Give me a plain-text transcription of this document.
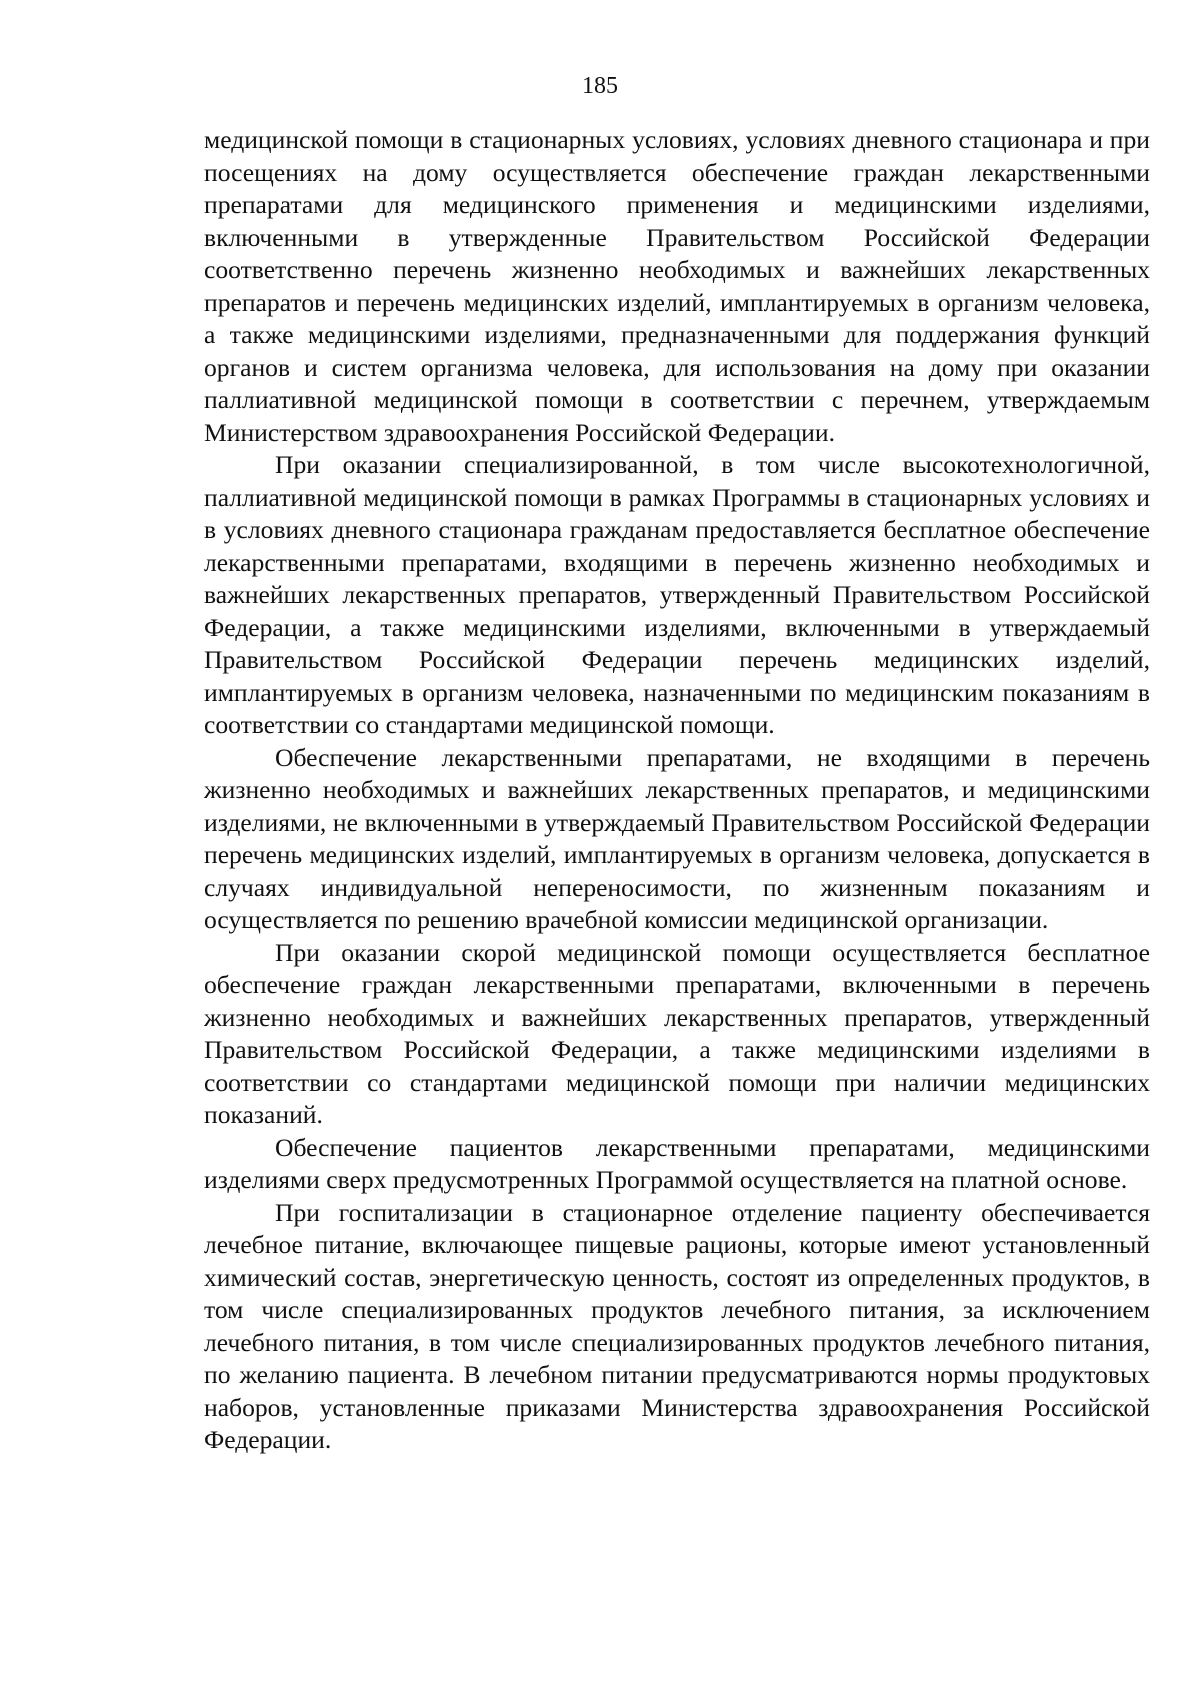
185

медицинской помощи в стационарных условиях, условиях дневного стационара и при посещениях на дому осуществляется обеспечение граждан лекарственными препаратами для медицинского применения и медицинскими изделиями, включенными в утвержденные Правительством Российской Федерации соответственно перечень жизненно необходимых и важнейших лекарственных препаратов и перечень медицинских изделий, имплантируемых в организм человека, а также медицинскими изделиями, предназначенными для поддержания функций органов и систем организма человека, для использования на дому при оказании паллиативной медицинской помощи в соответствии с перечнем, утверждаемым Министерством здравоохранения Российской Федерации.

При оказании специализированной, в том числе высокотехнологичной, паллиативной медицинской помощи в рамках Программы в стационарных условиях и в условиях дневного стационара гражданам предоставляется бесплатное обеспечение лекарственными препаратами, входящими в перечень жизненно необходимых и важнейших лекарственных препаратов, утвержденный Правительством Российской Федерации, а также медицинскими изделиями, включенными в утверждаемый Правительством Российской Федерации перечень медицинских изделий, имплантируемых в организм человека, назначенными по медицинским показаниям в соответствии со стандартами медицинской помощи.

Обеспечение лекарственными препаратами, не входящими в перечень жизненно необходимых и важнейших лекарственных препаратов, и медицинскими изделиями, не включенными в утверждаемый Правительством Российской Федерации перечень медицинских изделий, имплантируемых в организм человека, допускается в случаях индивидуальной непереносимости, по жизненным показаниям и осуществляется по решению врачебной комиссии медицинской организации.

При оказании скорой медицинской помощи осуществляется бесплатное обеспечение граждан лекарственными препаратами, включенными в перечень жизненно необходимых и важнейших лекарственных препаратов, утвержденный Правительством Российской Федерации, а также медицинскими изделиями в соответствии со стандартами медицинской помощи при наличии медицинских показаний.

Обеспечение пациентов лекарственными препаратами, медицинскими изделиями сверх предусмотренных Программой осуществляется на платной основе.

При госпитализации в стационарное отделение пациенту обеспечивается лечебное питание, включающее пищевые рационы, которые имеют установленный химический состав, энергетическую ценность, состоят из определенных продуктов, в том числе специализированных продуктов лечебного питания, за исключением лечебного питания, в том числе специализированных продуктов лечебного питания, по желанию пациента. В лечебном питании предусматриваются нормы продуктовых наборов, установленные приказами Министерства здравоохранения Российской Федерации.
